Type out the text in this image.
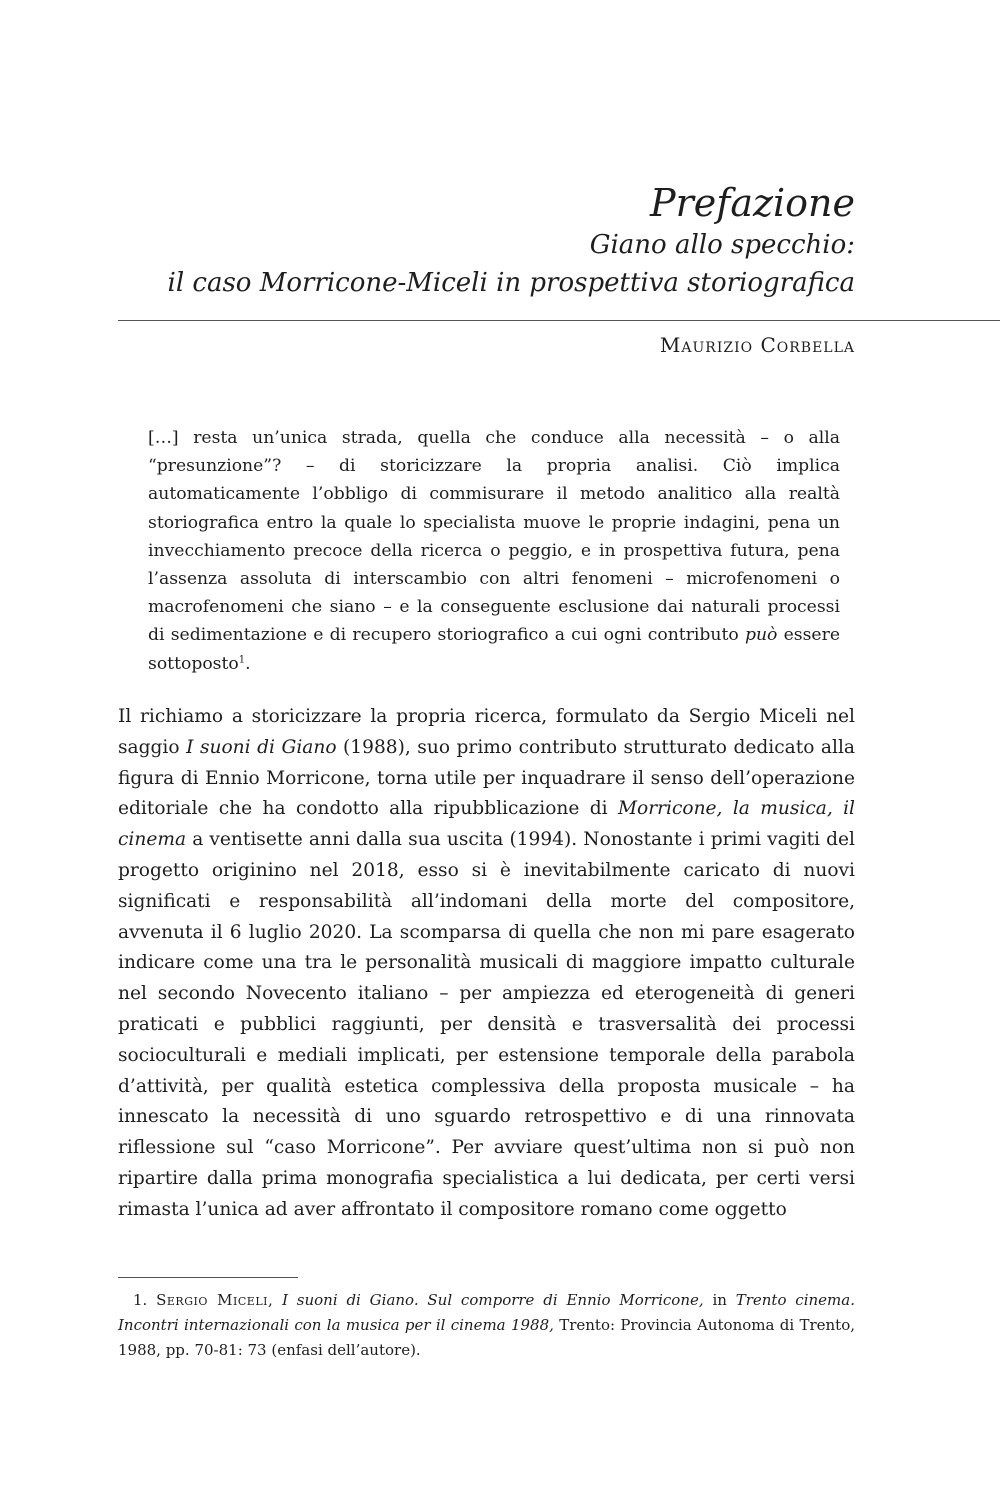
Prefazione
Giano allo specchio:
il caso Morricone-Miceli in prospettiva storiografica
Maurizio Corbella

[…] resta un’unica strada, quella che conduce alla necessità – o alla “presunzione”? – di storicizzare la propria analisi. Ciò implica automaticamente l’obbligo di commisurare il metodo analitico alla realtà storiografica entro la quale lo specialista muove le proprie indagini, pena un invecchiamento precoce della ricerca o peggio, e in prospettiva futura, pena l’assenza assoluta di interscambio con altri fenomeni – microfenomeni o macrofenomeni che siano – e la conseguente esclusione dai naturali processi di sedimentazione e di recupero storiografico a cui ogni contributo può essere sottoposto$^1$.

Il richiamo a storicizzare la propria ricerca, formulato da Sergio Miceli nel saggio I suoni di Giano (1988), suo primo contributo strutturato dedicato alla figura di Ennio Morricone, torna utile per inquadrare il senso dell’operazione editoriale che ha condotto alla ripubblicazione di Morricone, la musica, il cinema a ventisette anni dalla sua uscita (1994). Nonostante i primi vagiti del progetto originino nel 2018, esso si è inevitabilmente caricato di nuovi significati e responsabilità all’indomani della morte del compositore, avvenuta il 6 luglio 2020. La scomparsa di quella che non mi pare esagerato indicare come una tra le personalità musicali di maggiore impatto culturale nel secondo Novecento italiano – per ampiezza ed eterogeneità di generi praticati e pubblici raggiunti, per densità e trasversalità dei processi socioculturali e mediali implicati, per estensione temporale della parabola d’attività, per qualità estetica complessiva della proposta musicale – ha innescato la necessità di uno sguardo retrospettivo e di una rinnovata riflessione sul “caso Morricone”. Per avviare quest’ultima non si può non ripartire dalla prima monografia specialistica a lui dedicata, per certi versi rimasta l’unica ad aver affrontato il compositore romano come oggetto

 1. Sergio Miceli, I suoni di Giano. Sul comporre di Ennio Morricone, in Trento cinema. Incontri internazionali con la musica per il cinema 1988, Trento: Provincia Autonoma di Trento, 1988, pp. 70-81: 73 (enfasi dell’autore).
